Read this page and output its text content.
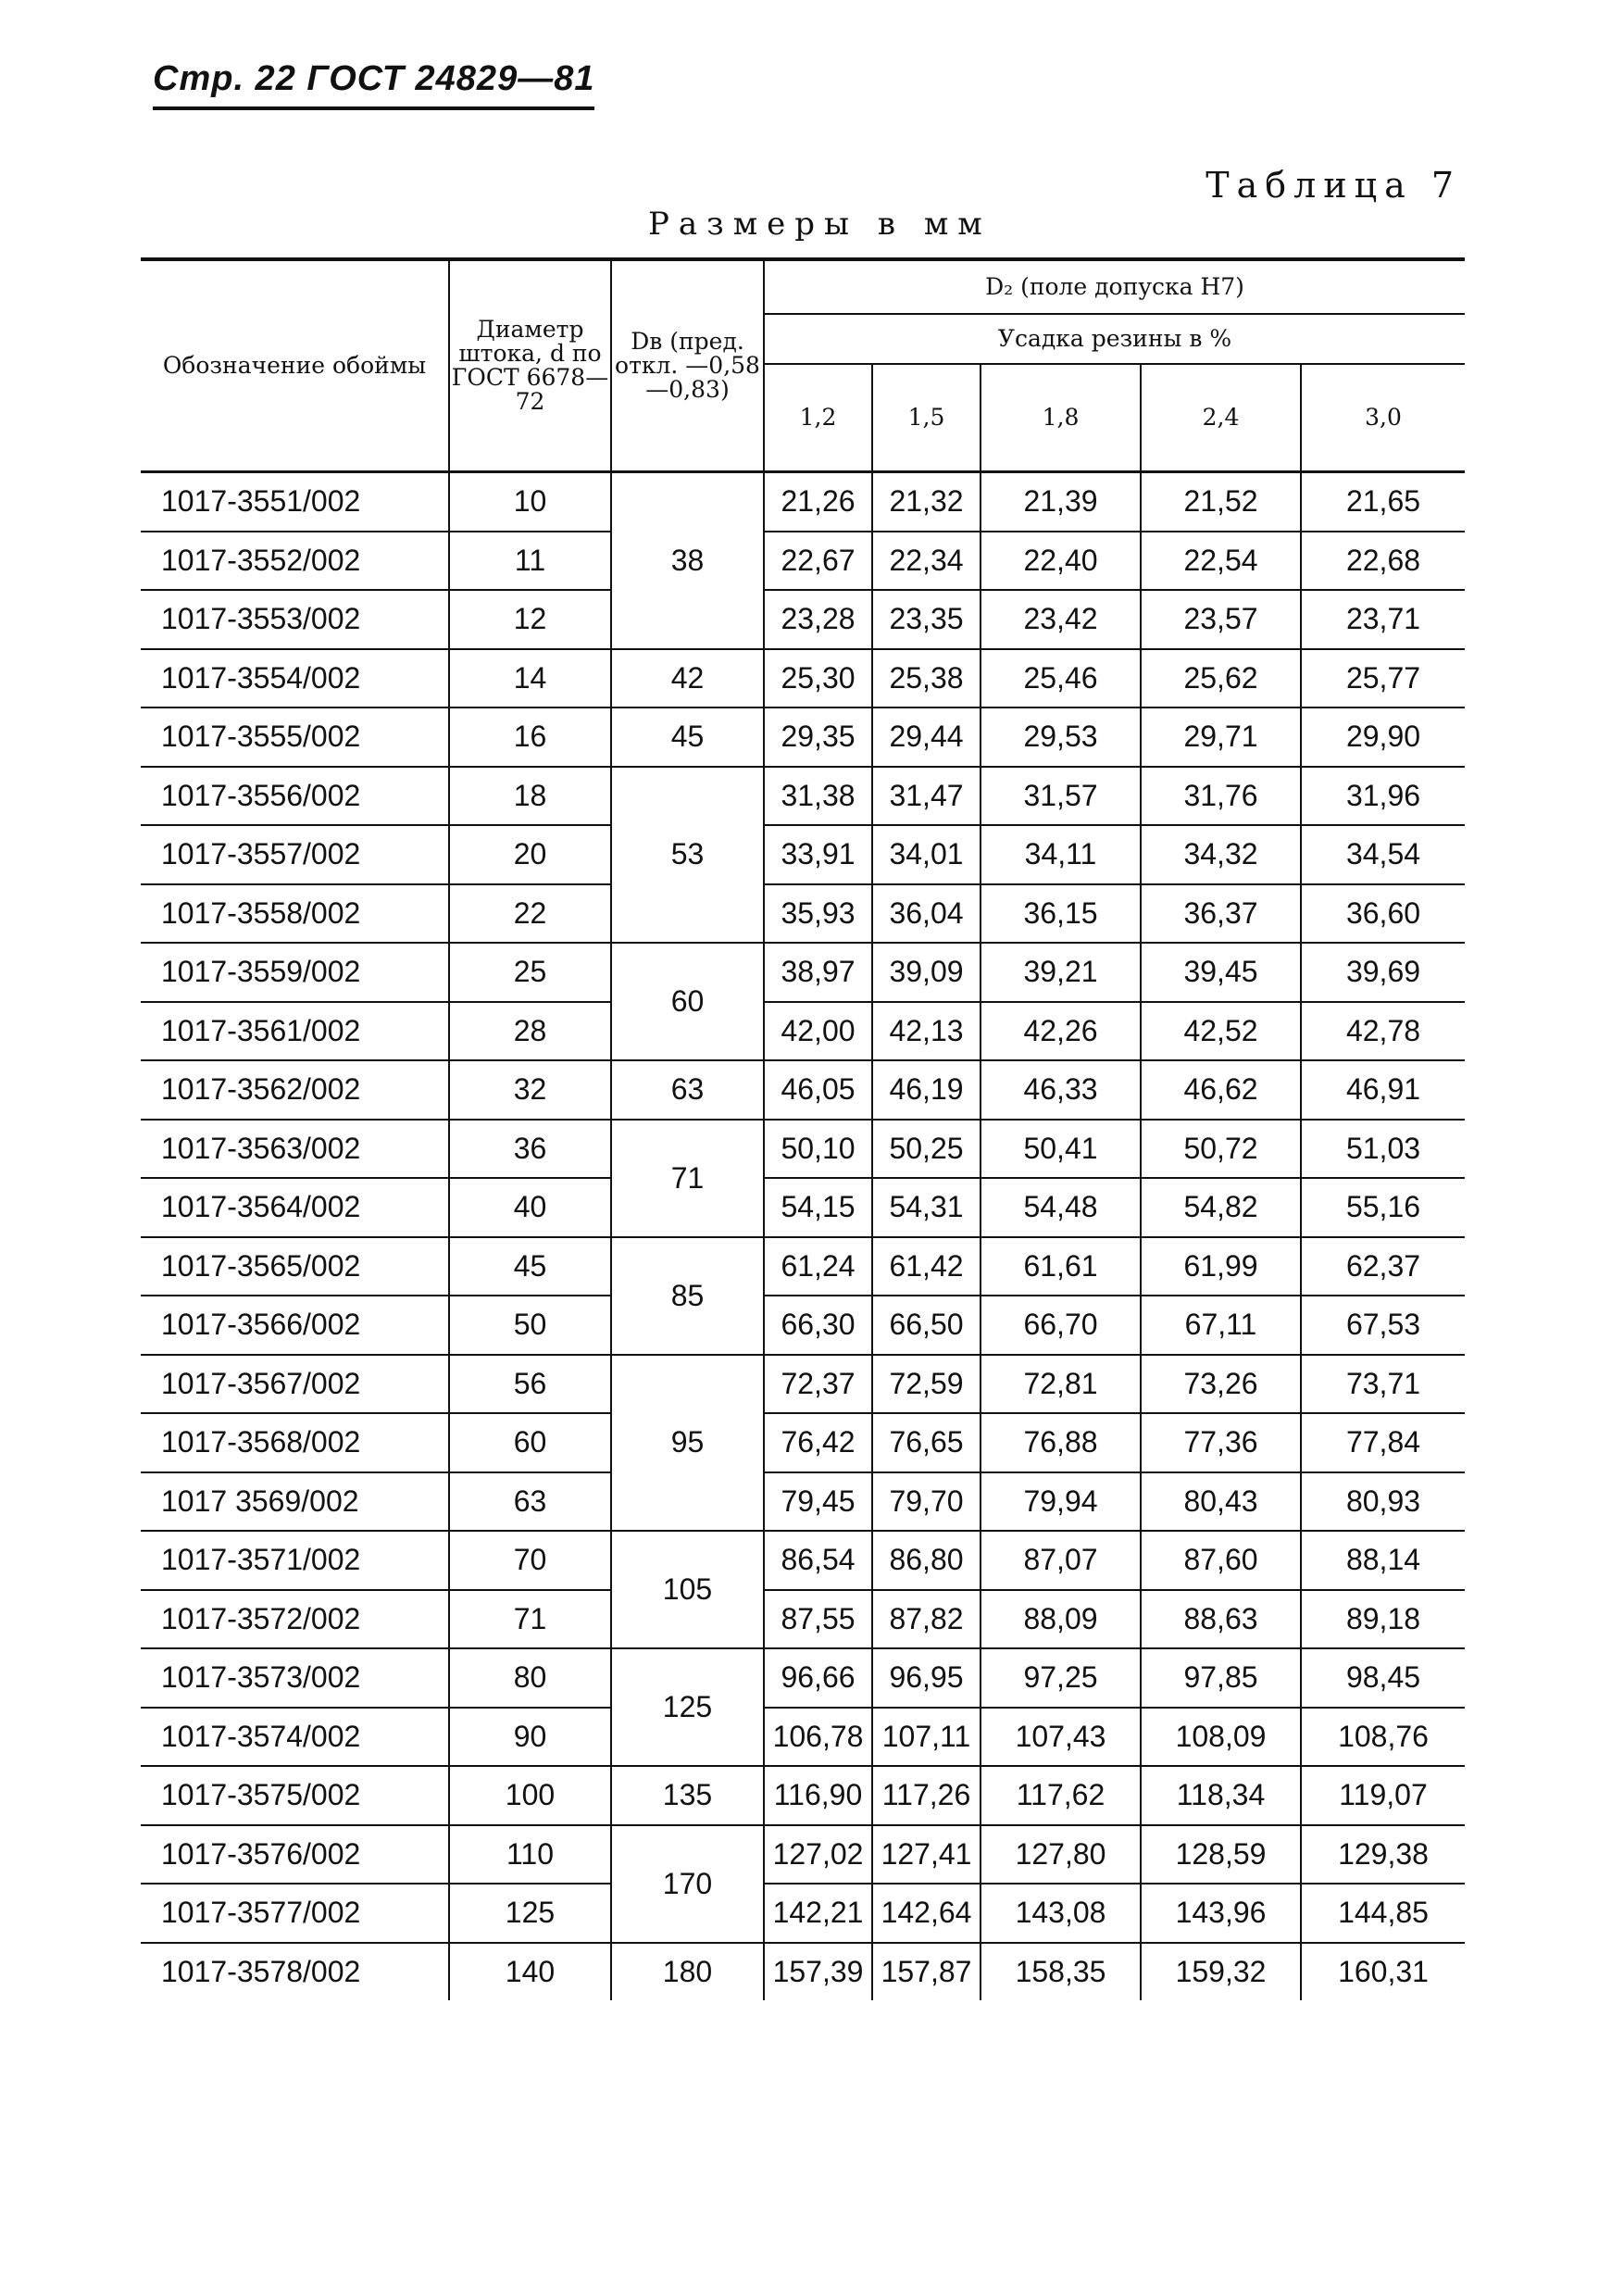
Стр. 22 ГОСТ 24829—81
Таблица 7
Размеры в мм
Обозначение обоймы	Диаметр штока, d по ГОСТ 6678—72	Dв (пред. откл. —0,58 —0,83)	D₂ (поле допуска Н7)				
			Усадка резины в %				
			1,2	1,5	1,8	2,4	3,0
1017-3551/002	10	38	21,26	21,32	21,39	21,52	21,65
1017-3552/002	11		22,67	22,34	22,40	22,54	22,68
1017-3553/002	12		23,28	23,35	23,42	23,57	23,71
1017-3554/002	14	42	25,30	25,38	25,46	25,62	25,77
1017-3555/002	16	45	29,35	29,44	29,53	29,71	29,90
1017-3556/002	18	53	31,38	31,47	31,57	31,76	31,96
1017-3557/002	20		33,91	34,01	34,11	34,32	34,54
1017-3558/002	22		35,93	36,04	36,15	36,37	36,60
1017-3559/002	25	60	38,97	39,09	39,21	39,45	39,69
1017-3561/002	28		42,00	42,13	42,26	42,52	42,78
1017-3562/002	32	63	46,05	46,19	46,33	46,62	46,91
1017-3563/002	36	71	50,10	50,25	50,41	50,72	51,03
1017-3564/002	40		54,15	54,31	54,48	54,82	55,16
1017-3565/002	45	85	61,24	61,42	61,61	61,99	62,37
1017-3566/002	50		66,30	66,50	66,70	67,11	67,53
1017-3567/002	56	95	72,37	72,59	72,81	73,26	73,71
1017-3568/002	60		76,42	76,65	76,88	77,36	77,84
1017 3569/002	63		79,45	79,70	79,94	80,43	80,93
1017-3571/002	70	105	86,54	86,80	87,07	87,60	88,14
1017-3572/002	71		87,55	87,82	88,09	88,63	89,18
1017-3573/002	80	125	96,66	96,95	97,25	97,85	98,45
1017-3574/002	90		106,78	107,11	107,43	108,09	108,76
1017-3575/002	100	135	116,90	117,26	117,62	118,34	119,07
1017-3576/002	110	170	127,02	127,41	127,80	128,59	129,38
1017-3577/002	125		142,21	142,64	143,08	143,96	144,85
1017-3578/002	140	180	157,39	157,87	158,35	159,32	160,31
